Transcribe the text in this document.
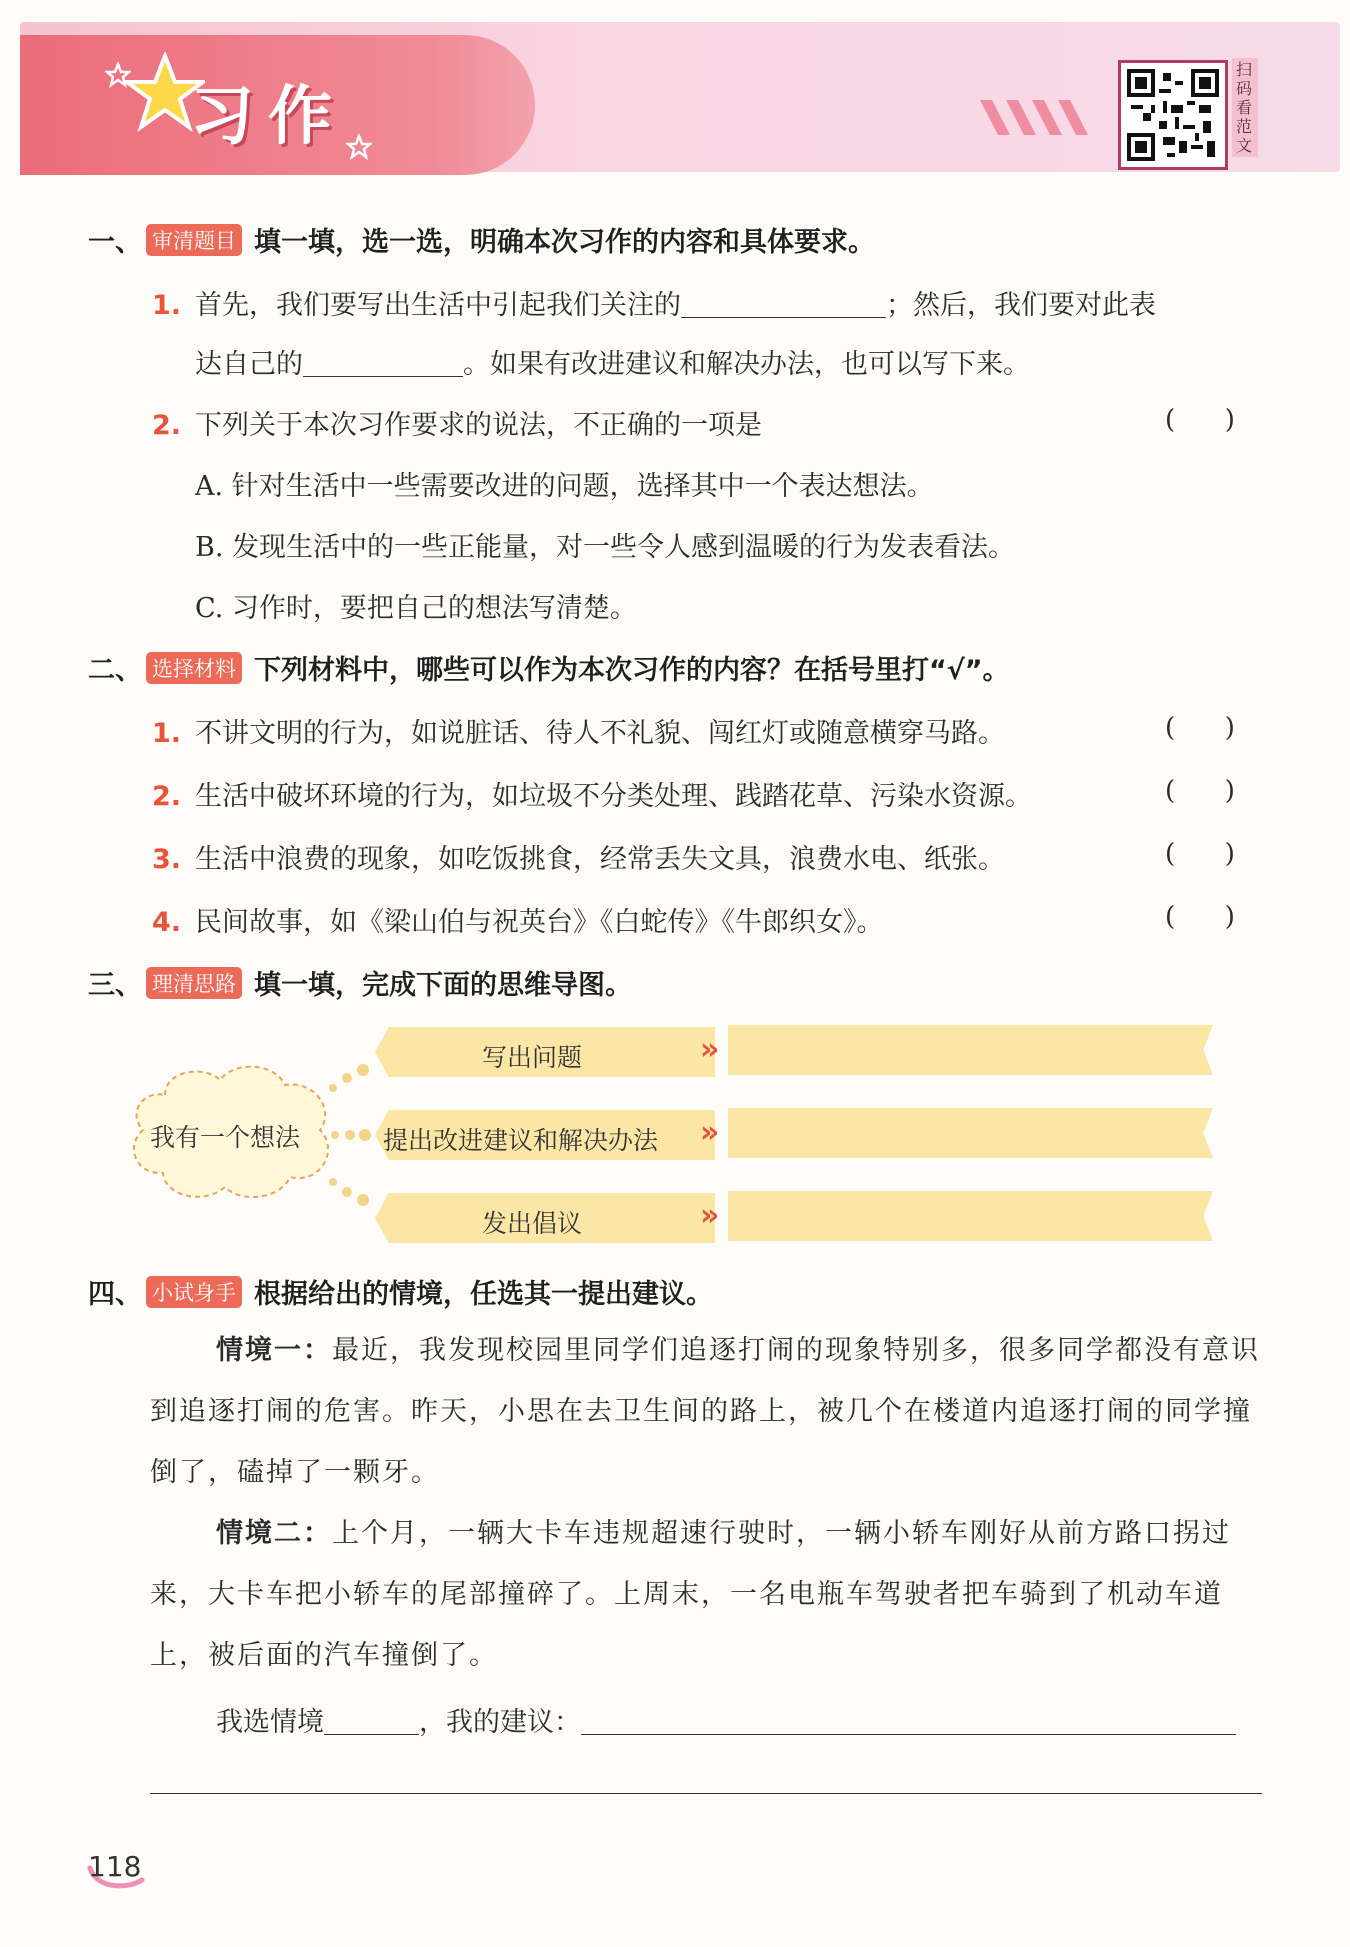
习作
扫码看范文
一、 审清题目 填一填，选一选，明确本次习作的内容和具体要求。
1. 首先，我们要写出生活中引起我们关注的	；然后，我们要对此表
达自己的	。如果有改进建议和解决办法，也可以写下来。
2. 下列关于本次习作要求的说法，不正确的一项是	(      )
A. 针对生活中一些需要改进的问题，选择其中一个表达想法。
B. 发现生活中的一些正能量，对一些令人感到温暖的行为发表看法。
C. 习作时，要把自己的想法写清楚。
二、 选择材料 下列材料中，哪些可以作为本次习作的内容？在括号里打“√”。
1. 不讲文明的行为，如说脏话、待人不礼貌、闯红灯或随意横穿马路。	(      )
2. 生活中破坏环境的行为，如垃圾不分类处理、践踏花草、污染水资源。	(      )
3. 生活中浪费的现象，如吃饭挑食，经常丢失文具，浪费水电、纸张。	(      )
4. 民间故事，如《梁山伯与祝英台》《白蛇传》《牛郎织女》。	(      )
三、 理清思路 填一填，完成下面的思维导图。
我有一个想法
写出问题	»
提出改进建议和解决办法 »
发出倡议	»
四、 小试身手 根据给出的情境，任选其一提出建议。
情境一：最近，我发现校园里同学们追逐打闹的现象特别多，很多同学都没有意识到追逐打闹的危害。昨天，小思在去卫生间的路上，被几个在楼道内追逐打闹的同学撞倒了，磕掉了一颗牙。
情境二：上个月，一辆大卡车违规超速行驶时，一辆小轿车刚好从前方路口拐过来，大卡车把小轿车的尾部撞碎了。上周末，一名电瓶车驾驶者把车骑到了机动车道上，被后面的汽车撞倒了。
我选情境	，我的建议：
118
